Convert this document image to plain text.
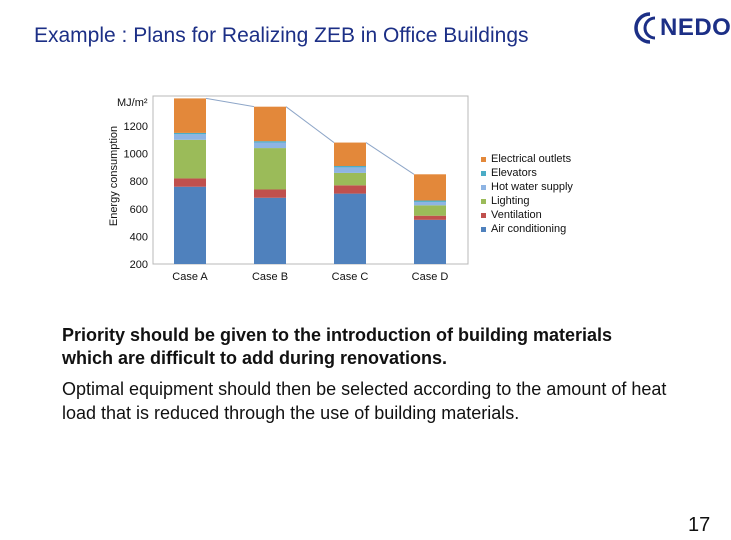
Example : Plans for Realizing ZEB in Office Buildings	NEDO
Energy consumption
MJ/m²
200
400
600
800
1000
1200
Case A	Case B	Case C	Case D
Electrical outlets
Elevators
Hot water supply
Lighting
Ventilation
Air conditioning
Priority should be given to the introduction of building materials which are difficult to add during renovations.
Optimal equipment should then be selected according to the amount of heat load that is reduced through the use of building materials.
17
